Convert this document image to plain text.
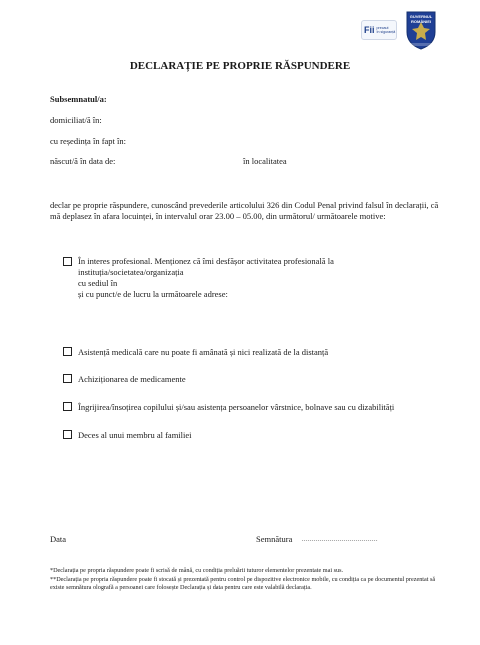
Fii precaut
în siguranță
GUVERNUL ROMÂNIEI
DECLARAȚIE PE PROPRIE RĂSPUNDERE
Subsemnatul/a:
domiciliat/ă în:
cu reședința în fapt în:
născut/ă în data de:	în localitatea
declar pe proprie răspundere, cunoscând prevederile articolului 326 din Codul Penal privind falsul în declarații, că mă deplasez în afara locuinței, în intervalul orar 23.00 – 05.00, din următorul/ următoarele motive:
În interes profesional. Menționez că îmi desfășor activitatea profesională la
instituția/societatea/organizația
cu sediul în
și cu punct/e de lucru la următoarele adrese:
Asistență medicală care nu poate fi amânată și nici realizată de la distanță
Achiziționarea de medicamente
Îngrijirea/însoțirea copilului și/sau asistența persoanelor vârstnice, bolnave sau cu dizabilități
Deces al unui membru al familiei
Data	Semnătura ......................................
*Declarația pe propria răspundere poate fi scrisă de mână, cu condiția preluării tuturor elementelor prezentate mai sus.
**Declarația pe propria răspundere poate fi stocată și prezentată pentru control pe dispozitive electronice mobile, cu condiția ca pe documentul prezentat să existe semnătura olografă a persoanei care folosește Declarația și data pentru care este valabilă declarația.
